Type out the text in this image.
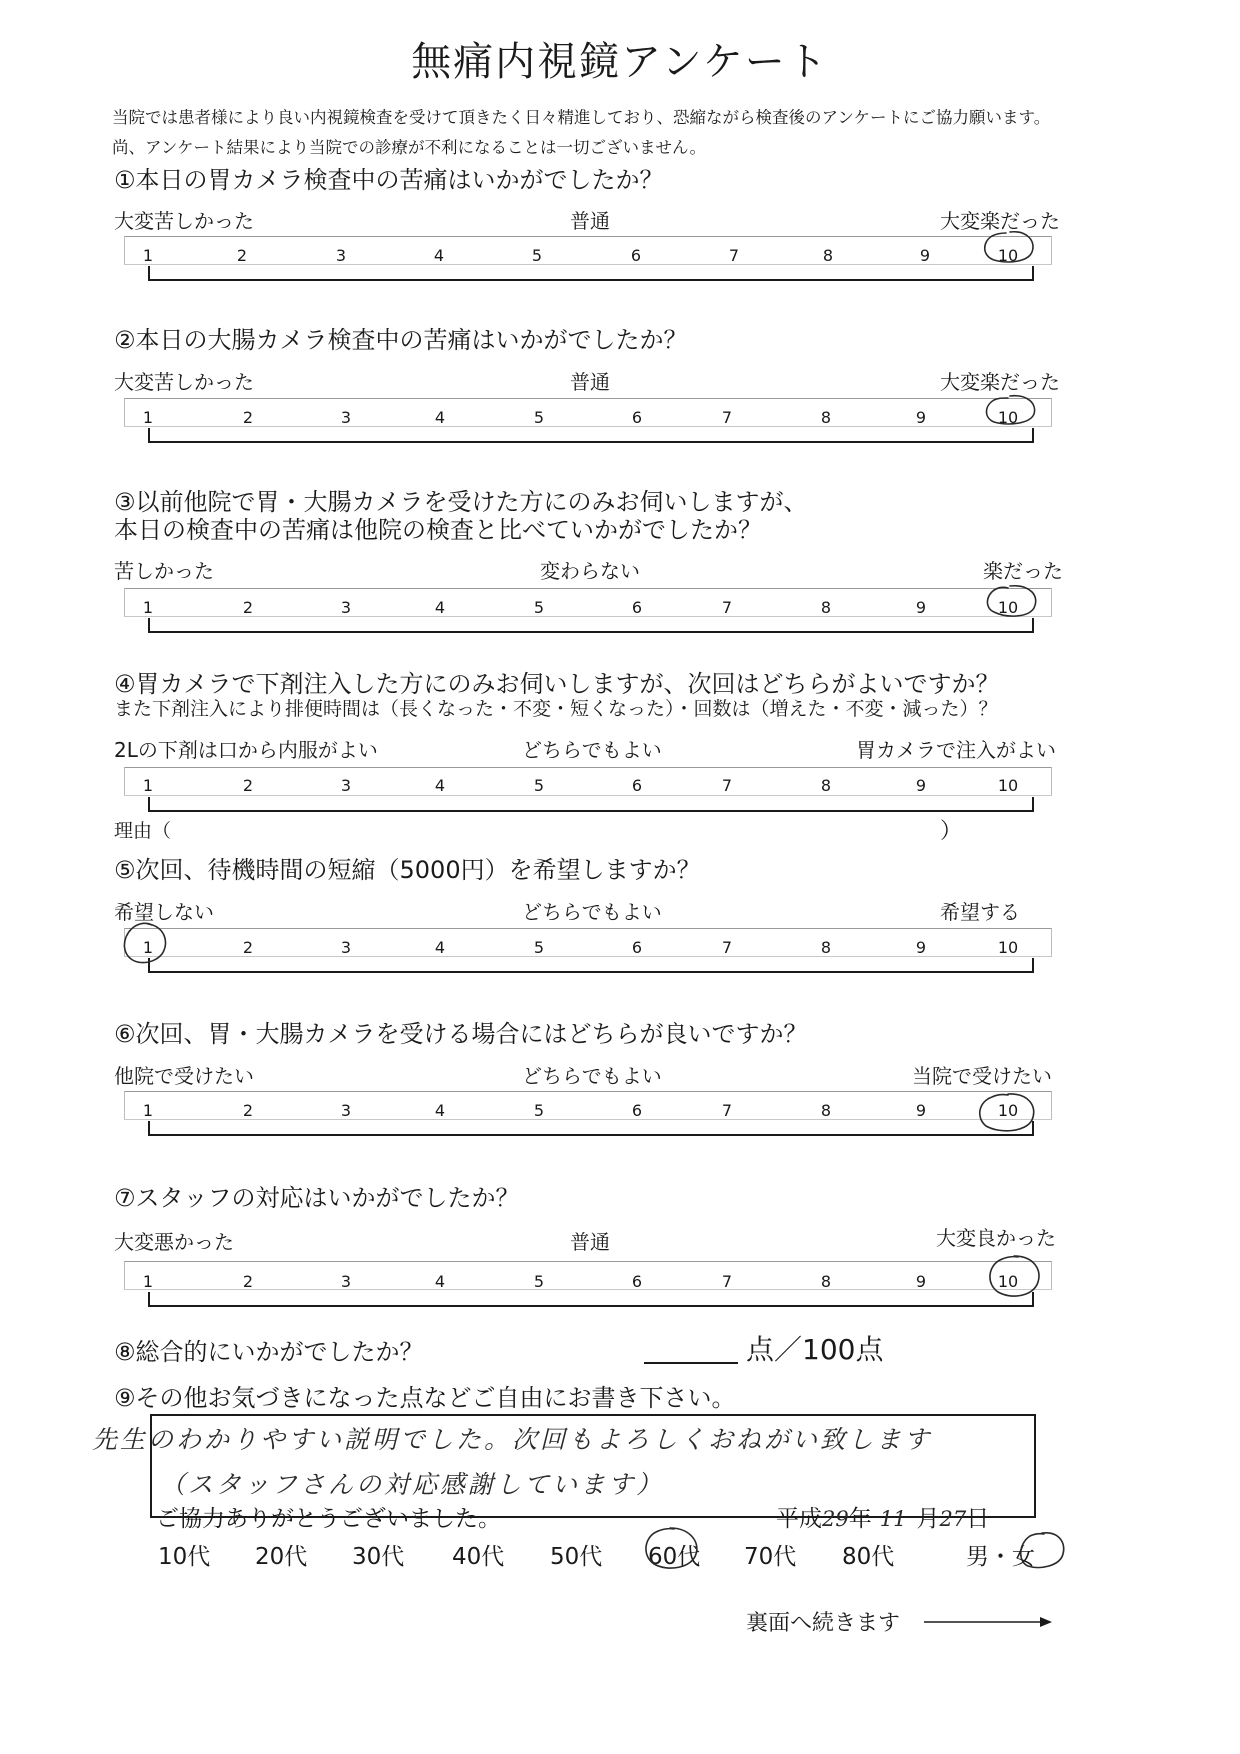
無痛内視鏡アンケート
当院では患者様により良い内視鏡検査を受けて頂きたく日々精進しており、恐縮ながら検査後のアンケートにご協力願います。
尚、アンケート結果により当院での診療が不利になることは一切ございません。
①本日の胃カメラ検査中の苦痛はいかがでしたか？
大変苦しかった	普通	大変楽だった
②本日の大腸カメラ検査中の苦痛はいかがでしたか？
大変苦しかった	普通	大変楽だった
③以前他院で胃・大腸カメラを受けた方にのみお伺いしますが、
本日の検査中の苦痛は他院の検査と比べていかがでしたか？
苦しかった	変わらない	楽だった
④胃カメラで下剤注入した方にのみお伺いしますが、次回はどちらがよいですか？
また下剤注入により排便時間は（長くなった・不変・短くなった）・回数は（増えた・不変・減った）？
2Lの下剤は口から内服がよい	どちらでもよい	胃カメラで注入がよい
理由（	）
⑤次回、待機時間の短縮（5000円）を希望しますか？
希望しない	どちらでもよい	希望する
⑥次回、胃・大腸カメラを受ける場合にはどちらが良いですか？
他院で受けたい	どちらでもよい	当院で受けたい
⑦スタッフの対応はいかがでしたか？
大変悪かった	普通	大変良かった
⑧総合的にいかがでしたか？	点／100点
⑨その他お気づきになった点などご自由にお書き下さい。
先生のわかりやすい説明でした。次回もよろしくおねがい致します
（スタッフさんの対応感謝しています）
ご協力ありがとうございました。	平成29年 11 月27日
男・女
裏面へ続きます
1	2	3	4	5	6	7	8	9	10
1	2	3	4	5	6	7	8	9	10
1	2	3	4	5	6	7	8	9	10
1	2	3	4	5	6	7	8	9	10
1	2	3	4	5	6	7	8	9	10
1	2	3	4	5	6	7	8	9	10
1	2	3	4	5	6	7	8	9	10
10代 20代 30代 40代 50代 60代 70代 80代
